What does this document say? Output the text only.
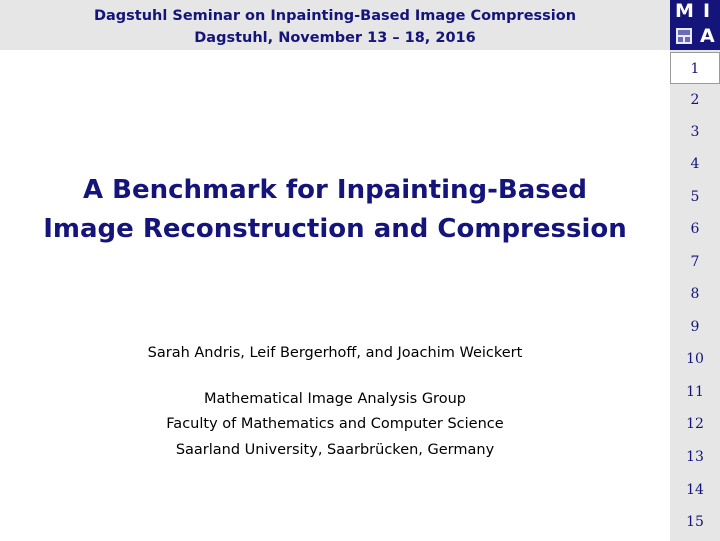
Dagstuhl Seminar on Inpainting-Based Image Compression
Dagstuhl, November 13 – 18, 2016
M I
A
1
2
3
4
5
6
7
8
9
10
11
12
13
14
15
A Benchmark for Inpainting-Based
Image Reconstruction and Compression
Sarah Andris, Leif Bergerhoff, and Joachim Weickert
Mathematical Image Analysis Group
Faculty of Mathematics and Computer Science
Saarland University, Saarbrücken, Germany
